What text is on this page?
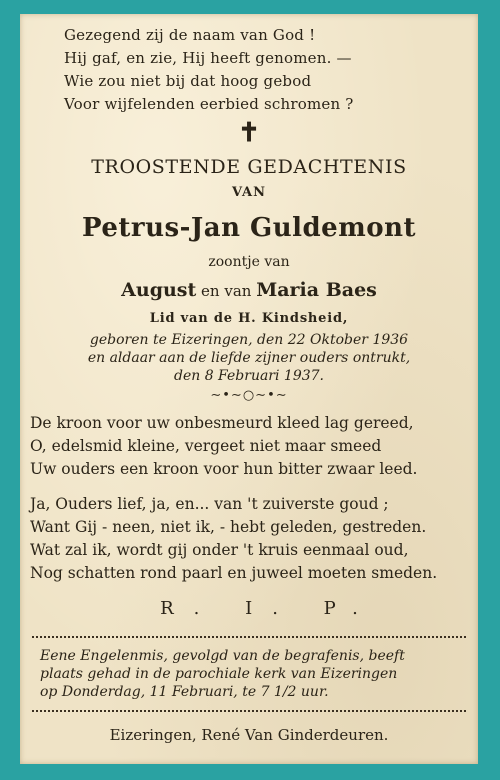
Gezegend zij de naam van God !

Hij gaf, en zie, Hij heeft genomen. —

Wie zou niet bij dat hoog gebod

Voor wijfelenden eerbied schromen ?

✝

TROOSTENDE GEDACHTENIS

VAN

Petrus-Jan Guldemont

zoontje van

August en van Maria Baes

Lid van de H. Kindsheid,

geboren te Eizeringen, den 22 Oktober 1936

en aldaar aan de liefde zijner ouders ontrukt,

den 8 Februari 1937.

∼•∼○∼•∼

De kroon voor uw onbesmeurd kleed lag gereed,

O, edelsmid kleine, vergeet niet maar smeed

Uw ouders een kroon voor hun bitter zwaar leed.

Ja, Ouders lief, ja, en... van 't zuiverste goud ;

Want Gij - neen, niet ik, - hebt geleden, gestreden.

Wat zal ik, wordt gij onder 't kruis eenmaal oud,

Nog schatten rond paarl en juweel moeten smeden.

R. I. P.

Eene Engelenmis, gevolgd van de begrafenis, beeft

plaats gehad in de parochiale kerk van Eizeringen

op Donderdag, 11 Februari, te 7 1/2 uur.

Eizeringen, René Van Ginderdeuren.
